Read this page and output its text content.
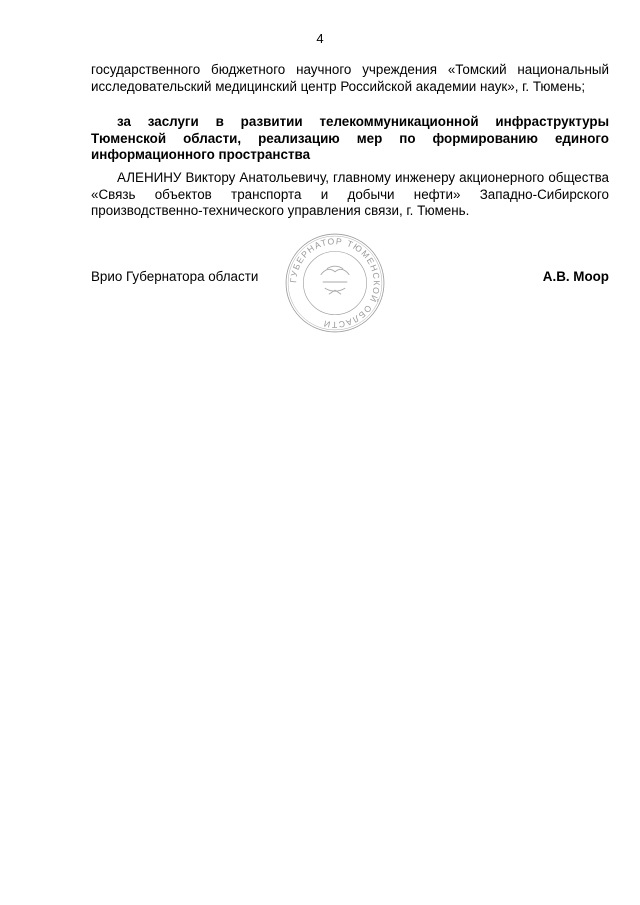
4
государственного бюджетного научного учреждения «Томский национальный исследовательский медицинский центр Российской академии наук», г. Тюмень;
за заслуги в развитии телекоммуникационной инфраструктуры Тюменской области, реализацию мер по формированию единого информационного пространства
АЛЕНИНУ Виктору Анатольевичу, главному инженеру акционерного общества «Связь объектов транспорта и добычи нефти» Западно-Сибирского производственно-технического управления связи, г. Тюмень.
ГУБЕРНАТОР ТЮМЕНСКОЙ ОБЛАСТИ
Врио Губернатора области	А.В. Моор
